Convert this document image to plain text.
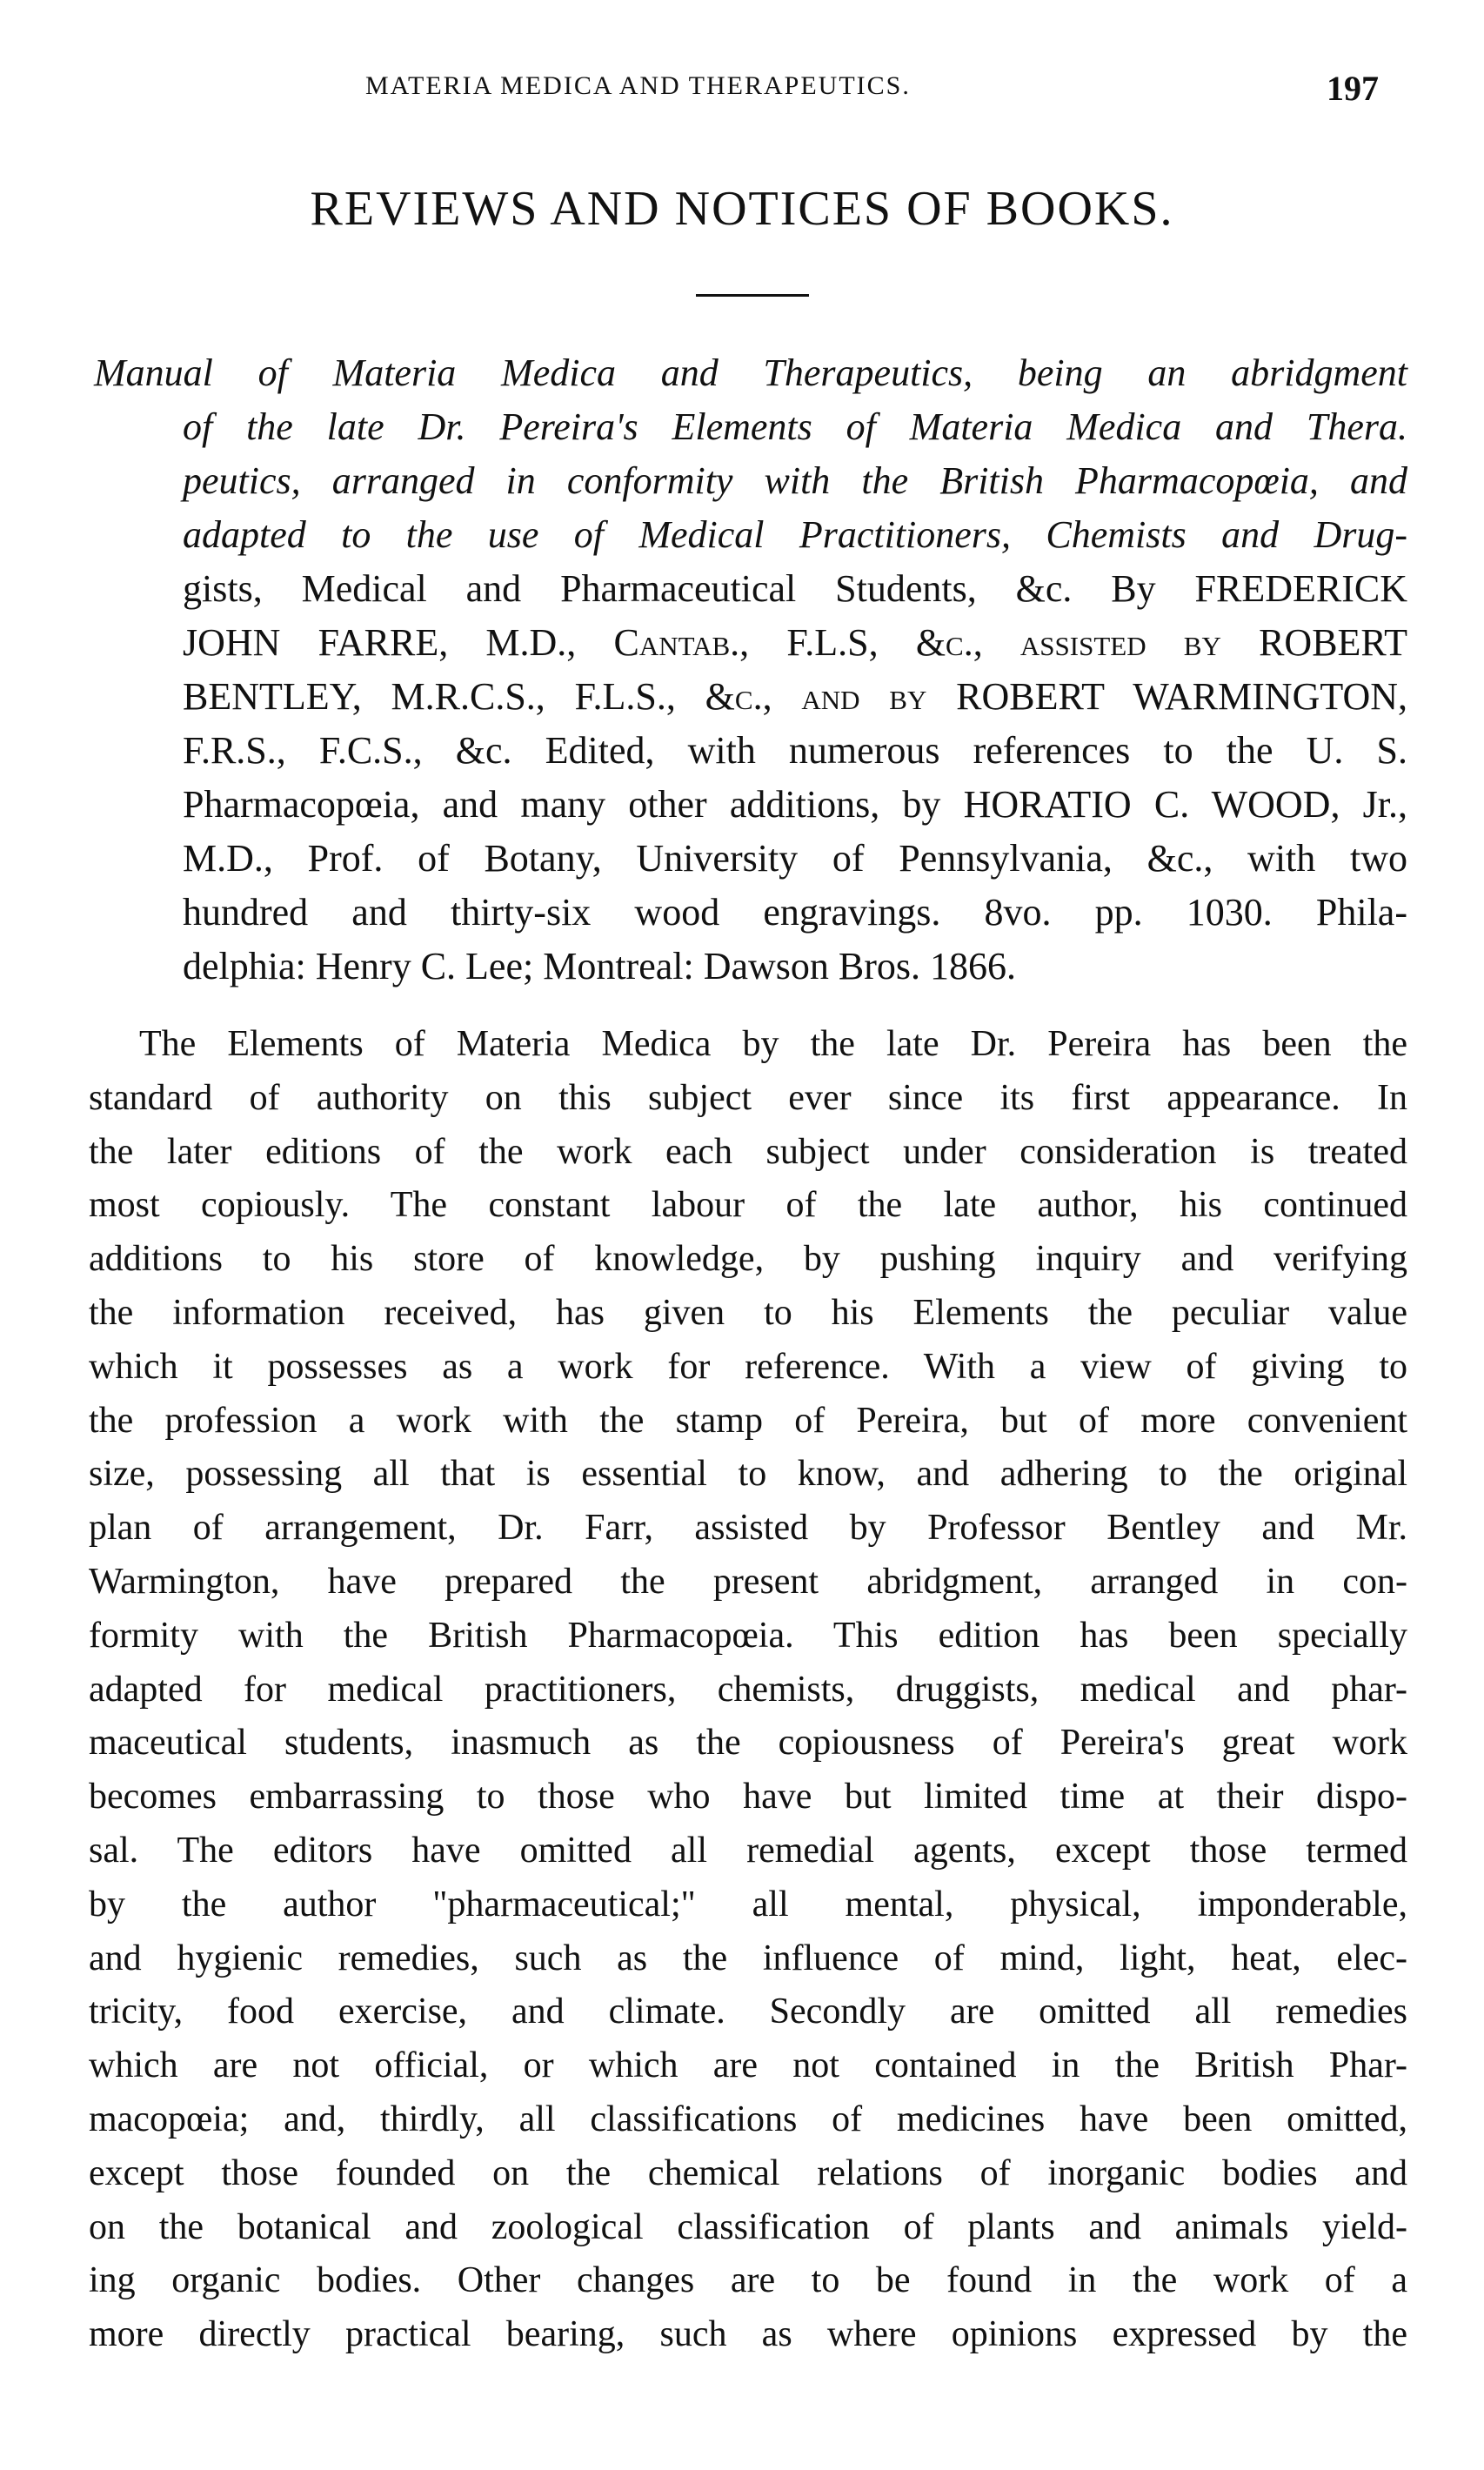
MATERIA MEDICA AND THERAPEUTICS.	197
REVIEWS AND NOTICES OF BOOKS.
Manual of Materia Medica and Therapeutics, being an abridgment
of the late Dr. Pereira's Elements of Materia Medica and Thera.
peutics, arranged in conformity with the British Pharmacopœia, and
adapted to the use of Medical Practitioners, Chemists and Drug-
gists, Medical and Pharmaceutical Students, &c. By FREDERICK
JOHN FARRE, M.D., Cantab., F.L.S, &c., assisted by ROBERT
BENTLEY, M.R.C.S., F.L.S., &c., and by ROBERT WARMINGTON,
F.R.S., F.C.S., &c. Edited, with numerous references to the U. S.
Pharmacopœia, and many other additions, by HORATIO C. WOOD, Jr.,
M.D., Prof. of Botany, University of Pennsylvania, &c., with two
hundred and thirty-six wood engravings. 8vo. pp. 1030. Phila-
delphia: Henry C. Lee; Montreal: Dawson Bros. 1866.
The Elements of Materia Medica by the late Dr. Pereira has been the
standard of authority on this subject ever since its first appearance. In
the later editions of the work each subject under consideration is treated
most copiously. The constant labour of the late author, his continued
additions to his store of knowledge, by pushing inquiry and verifying
the information received, has given to his Elements the peculiar value
which it possesses as a work for reference. With a view of giving to
the profession a work with the stamp of Pereira, but of more convenient
size, possessing all that is essential to know, and adhering to the original
plan of arrangement, Dr. Farr, assisted by Professor Bentley and Mr.
Warmington, have prepared the present abridgment, arranged in con-
formity with the British Pharmacopœia. This edition has been specially
adapted for medical practitioners, chemists, druggists, medical and phar-
maceutical students, inasmuch as the copiousness of Pereira's great work
becomes embarrassing to those who have but limited time at their dispo-
sal. The editors have omitted all remedial agents, except those termed
by the author "pharmaceutical;" all mental, physical, imponderable,
and hygienic remedies, such as the influence of mind, light, heat, elec-
tricity, food exercise, and climate. Secondly are omitted all remedies
which are not official, or which are not contained in the British Phar-
macopœia; and, thirdly, all classifications of medicines have been omitted,
except those founded on the chemical relations of inorganic bodies and
on the botanical and zoological classification of plants and animals yield-
ing organic bodies. Other changes are to be found in the work of a
more directly practical bearing, such as where opinions expressed by the
